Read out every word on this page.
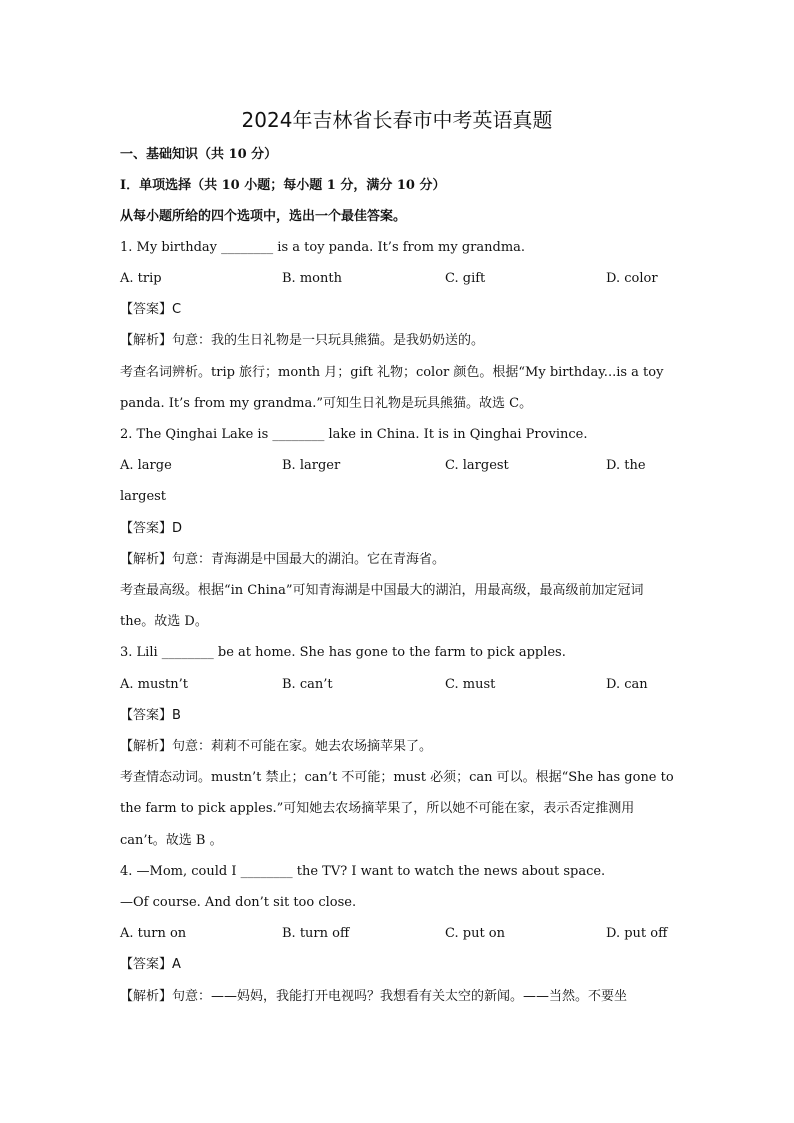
2024年吉林省长春市中考英语真题
一、基础知识（共 10 分）
Ⅰ．单项选择（共 10 小题；每小题 1 分，满分 10 分）
从每小题所给的四个选项中，选出一个最佳答案。
1. My birthday ________ is a toy panda. It’s from my grandma.
A. trip	B. month	C. gift	D. color
【答案】C
【解析】句意：我的生日礼物是一只玩具熊猫。是我奶奶送的。
考查名词辨析。trip 旅行；month 月；gift 礼物；color 颜色。根据“My birthday...is a toy
panda. It’s from my grandma.”可知生日礼物是玩具熊猫。故选 C。
2. The Qinghai Lake is ________ lake in China. It is in Qinghai Province.
A. large	B. larger	C. largest	D. the
largest
【答案】D
【解析】句意：青海湖是中国最大的湖泊。它在青海省。
考查最高级。根据“in China”可知青海湖是中国最大的湖泊，用最高级，最高级前加定冠词
the。故选 D。
3. Lili ________ be at home. She has gone to the farm to pick apples.
A. mustn’t	B. can’t	C. must	D. can
【答案】B
【解析】句意：莉莉不可能在家。她去农场摘苹果了。
考查情态动词。mustn’t 禁止；can’t 不可能；must 必须；can 可以。根据“She has gone to
the farm to pick apples.”可知她去农场摘苹果了，所以她不可能在家，表示否定推测用
can’t。故选 B 。
4. —Mom, could I ________ the TV? I want to watch the news about space.
—Of course. And don’t sit too close.
A. turn on	B. turn off	C. put on	D. put off
【答案】A
【解析】句意：——妈妈，我能打开电视吗？我想看有关太空的新闻。——当然。不要坐
